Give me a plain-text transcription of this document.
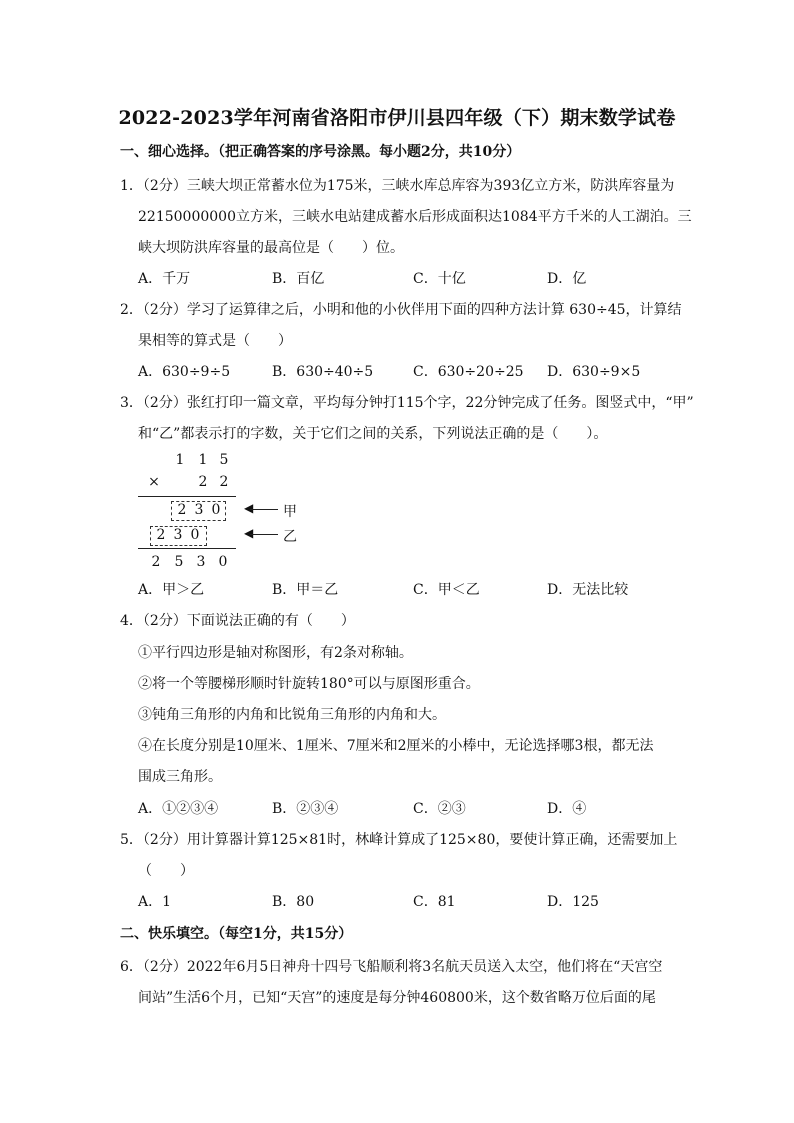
2022-2023学年河南省洛阳市伊川县四年级（下）期末数学试卷
一、细心选择。（把正确答案的序号涂黑。每小题2分，共10分）
1．（2分）三峡大坝正常蓄水位为175米，三峡水库总库容为393亿立方米，防洪库容量为
22150000000立方米，三峡水电站建成蓄水后形成面积达1084平方千米的人工湖泊。三
峡大坝防洪库容量的最高位是（　　）位。
A．千万	B．百亿	C．十亿	D．亿
2．（2分）学习了运算律之后，小明和他的小伙伴用下面的四种方法计算 630÷45，计算结
果相等的算式是（　　）
A．630÷9÷5	B．630÷40÷5	C．630÷20÷25 D．630÷9×5
3．（2分）张红打印一篇文章，平均每分钟打115个字，22分钟完成了任务。图竖式中，“甲”
和“乙”都表示打的字数，关于它们之间的关系，下列说法正确的是（　　）。
1 1 5
×	2 2
2 3 0
2 3 0
2 5 3 0
◀ 甲
◀ 乙
A．甲＞乙	B．甲＝乙	C．甲＜乙	D．无法比较
4．（2分）下面说法正确的有（　　）
①平行四边形是轴对称图形，有2条对称轴。
②将一个等腰梯形顺时针旋转180°可以与原图形重合。
③钝角三角形的内角和比锐角三角形的内角和大。
④在长度分别是10厘米、1厘米、7厘米和2厘米的小棒中，无论选择哪3根，都无法
围成三角形。
A．①②③④	B．②③④	C．②③	D．④
5．（2分）用计算器计算125×81时，林峰计算成了125×80，要使计算正确，还需要加上
（　　）
A．1	B．80	C．81	D．125
二、快乐填空。（每空1分，共15分）
6．（2分）2022年6月5日神舟十四号飞船顺利将3名航天员送入太空，他们将在“天宫空
间站”生活6个月，已知“天宫”的速度是每分钟460800米，这个数省略万位后面的尾
